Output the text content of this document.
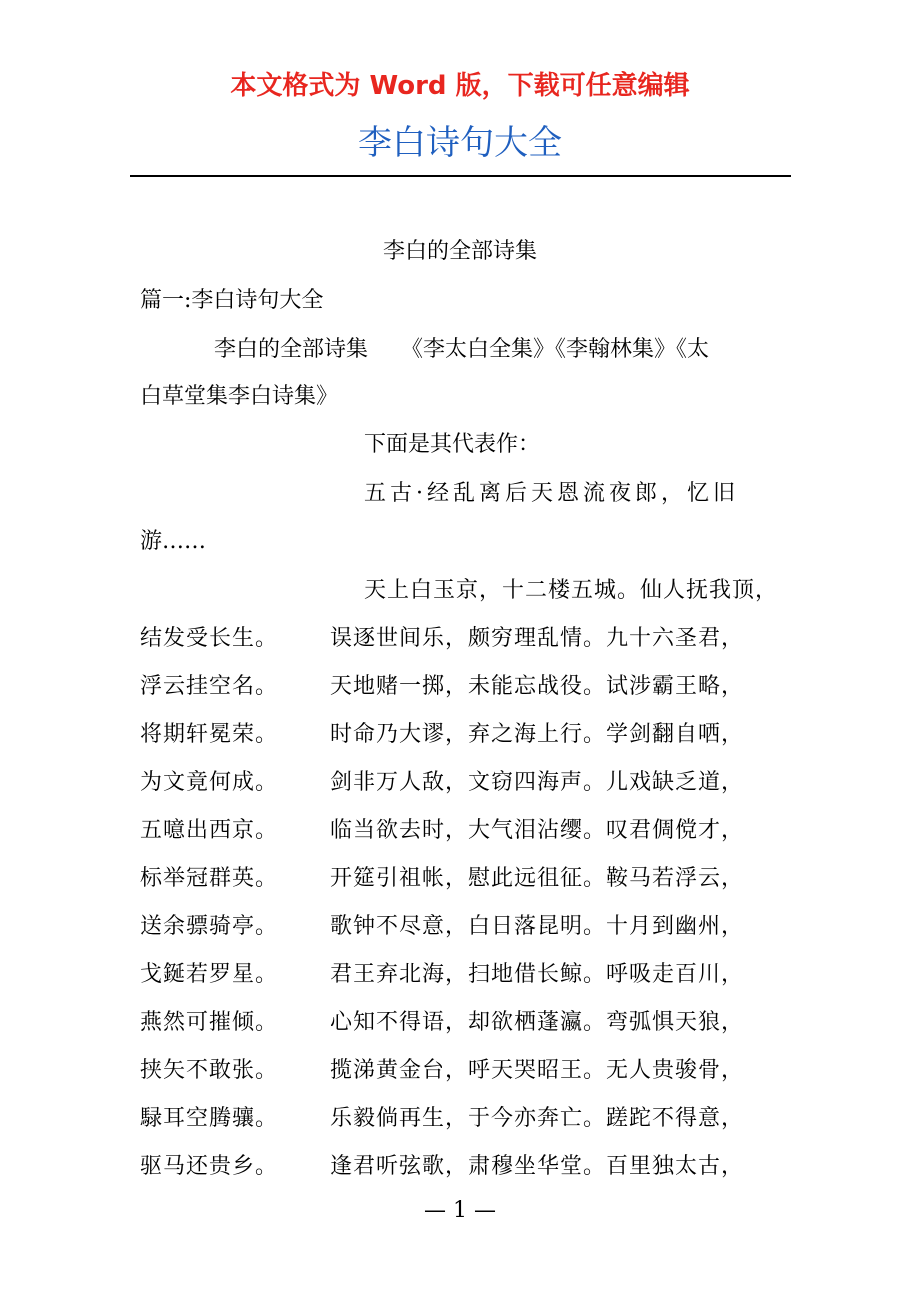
本文格式为 Word 版，下载可任意编辑
李白诗句大全
李白的全部诗集
篇一:李白诗句大全
李白的全部诗集　　《李太白全集》《李翰林集》《太
白草堂集李白诗集》
下面是其代表作：
五古·经乱离后天恩流夜郎，忆旧
游……
天上白玉京，十二楼五城。仙人抚我顶，
结发受长生。 误逐世间乐，颇穷理乱情。九十六圣君，
浮云挂空名。 天地赌一掷，未能忘战役。试涉霸王略，
将期轩冕荣。 时命乃大谬，弃之海上行。学剑翻自哂，
为文竟何成。 剑非万人敌，文窃四海声。儿戏缺乏道，
五噫出西京。 临当欲去时，大气泪沾缨。叹君倜傥才，
标举冠群英。 开筵引祖帐，慰此远徂征。鞍马若浮云，
送余骠骑亭。 歌钟不尽意，白日落昆明。十月到幽州，
戈鋋若罗星。 君王弃北海，扫地借长鲸。呼吸走百川，
燕然可摧倾。 心知不得语，却欲栖蓬瀛。弯弧惧天狼，
挟矢不敢张。 揽涕黄金台，呼天哭昭王。无人贵骏骨，
騄耳空腾骧。 乐毅倘再生，于今亦奔亡。蹉跎不得意，
驱马还贵乡。 逢君听弦歌，肃穆坐华堂。百里独太古，
— 1 —
